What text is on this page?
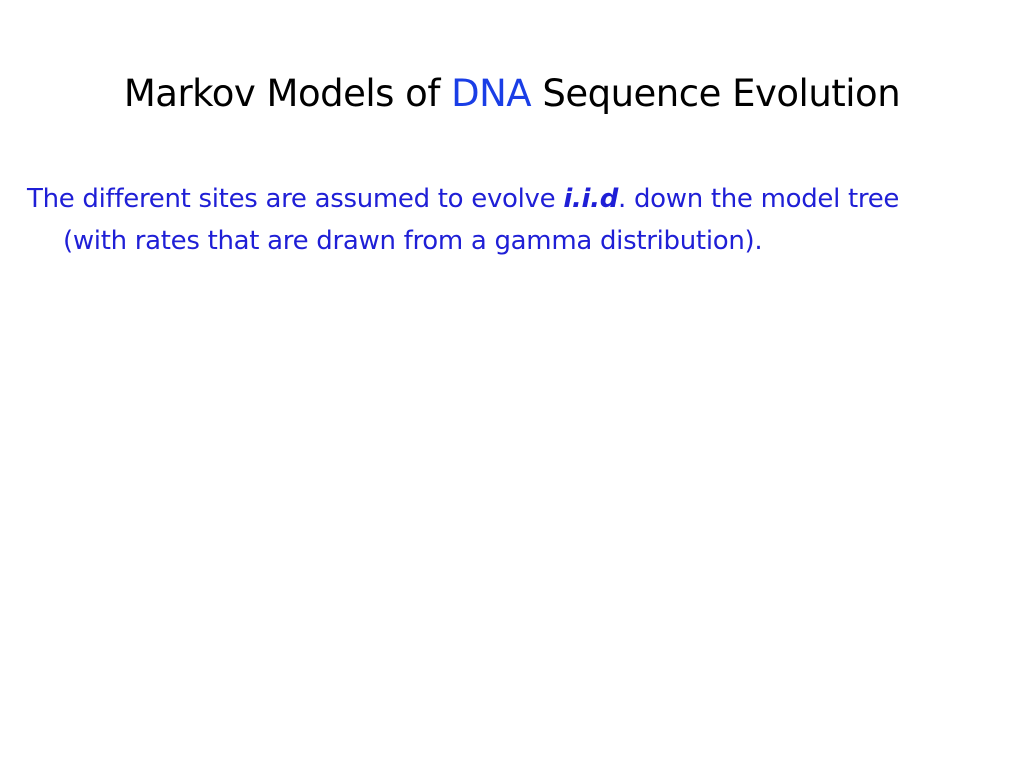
Markov Models of DNA Sequence Evolution
The different sites are assumed to evolve i.i.d. down the model tree
(with rates that are drawn from a gamma distribution).
